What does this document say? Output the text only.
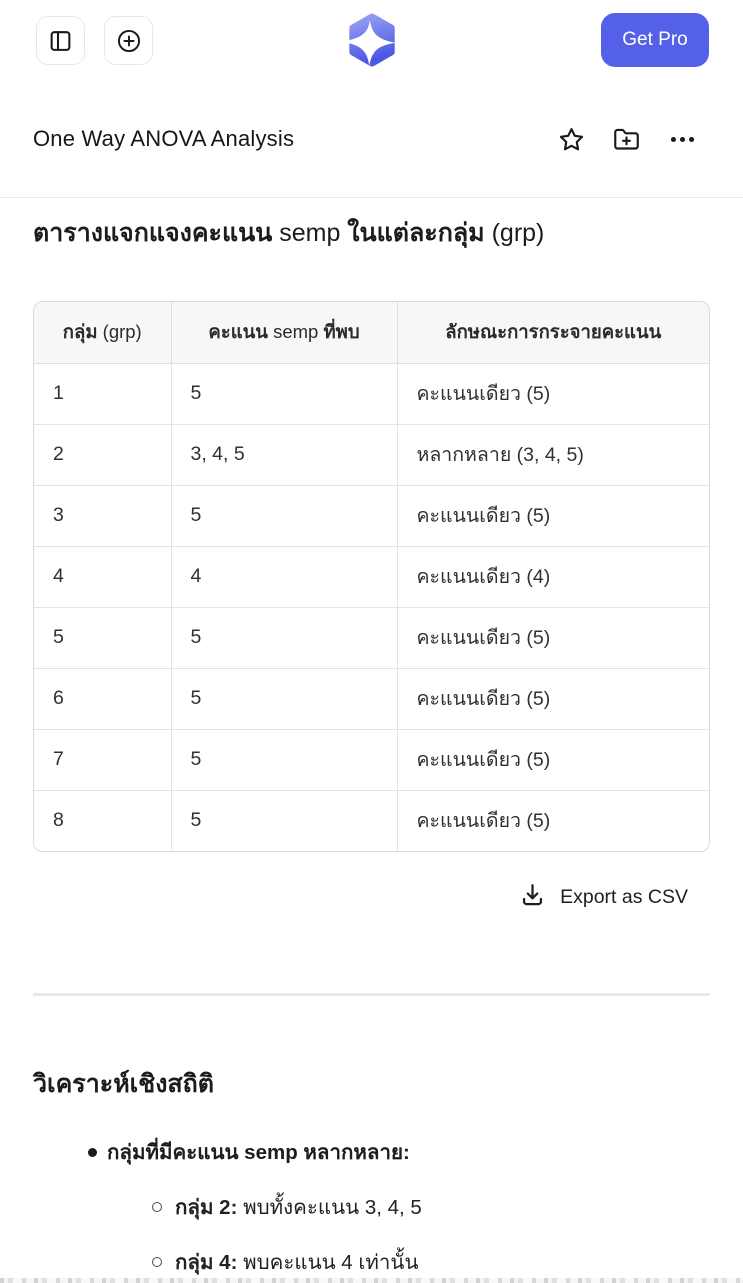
Get Pro
One Way ANOVA Analysis
ตารางแจกแจงคะแนน semp ในแต่ละกลุ่ม (grp)
กลุ่ม (grp)	คะแนน semp ที่พบ	ลักษณะการกระจายคะแนน
1	5	คะแนนเดียว (5)
2	3, 4, 5	หลากหลาย (3, 4, 5)
3	5	คะแนนเดียว (5)
4	4	คะแนนเดียว (4)
5	5	คะแนนเดียว (5)
6	5	คะแนนเดียว (5)
7	5	คะแนนเดียว (5)
8	5	คะแนนเดียว (5)
Export as CSV
วิเคราะห์เชิงสถิติ
กลุ่มที่มีคะแนน semp หลากหลาย:
กลุ่ม 2: พบทั้งคะแนน 3, 4, 5
กลุ่ม 4: พบคะแนน 4 เท่านั้น
